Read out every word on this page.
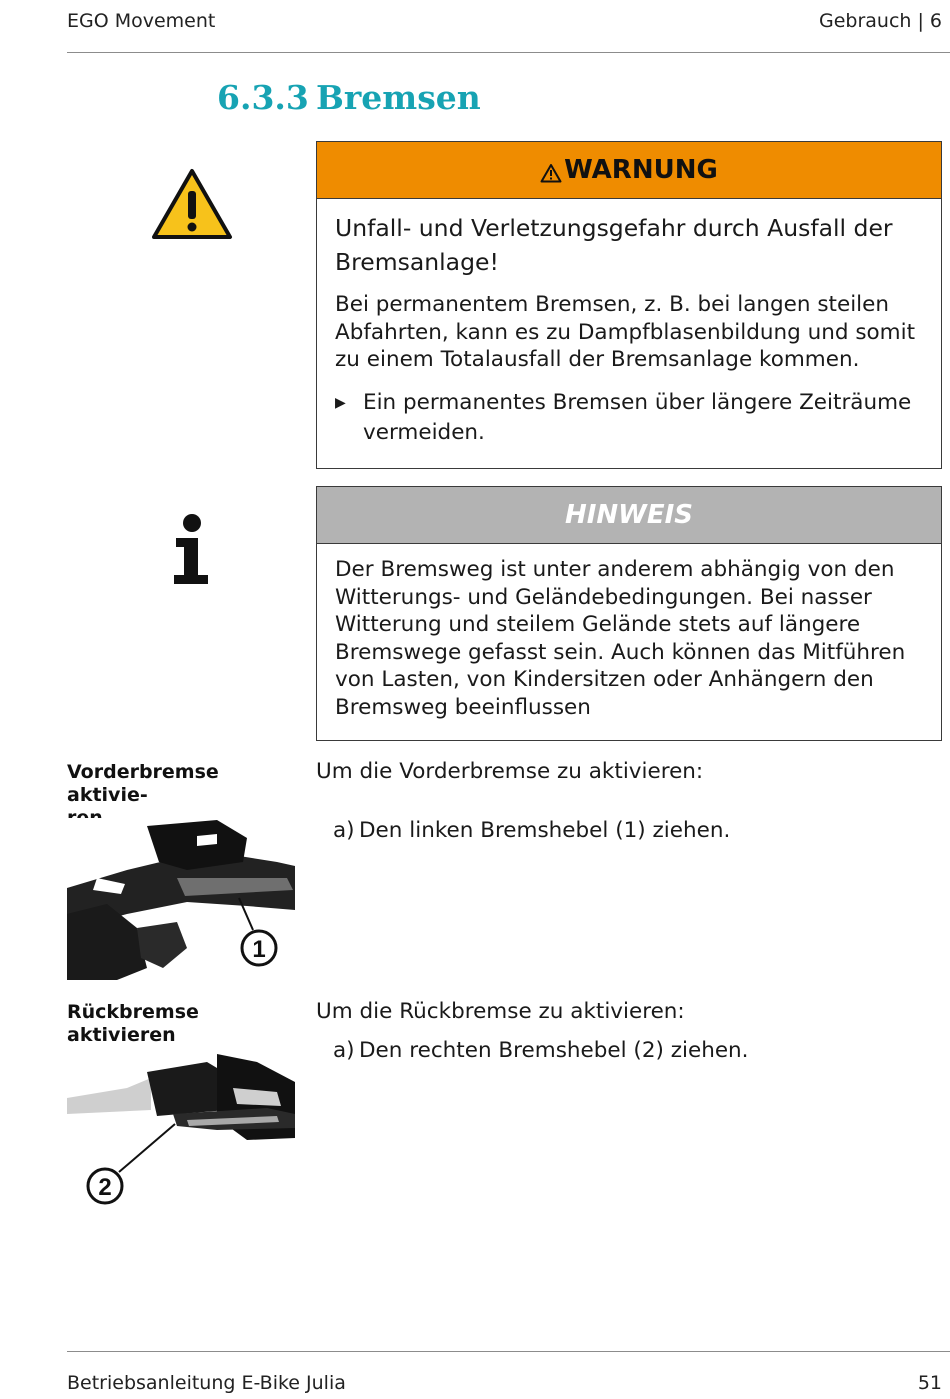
EGO Movement	Gebrauch | 6
6.3.3 Bremsen
WARNUNG

Unfall- und Verletzungsgefahr durch Ausfall der Bremsanlage!

Bei permanentem Bremsen, z. B. bei langen steilen Abfahrten, kann es zu Dampfblasenbildung und somit zu einem Totalausfall der Bremsanlage kommen.

▶ Ein permanentes Bremsen über längere Zeiträume vermeiden.
HINWEIS
Der Bremsweg ist unter anderem abhängig von den Witterungs- und Geländebedingungen. Bei nasser Witterung und steilem Gelände stets auf längere Bremswege gefasst sein. Auch können das Mitführen von Lasten, von Kindersitzen oder Anhängern den Bremsweg beeinflussen
Vorderbremse aktivie-

Um die Vorderbremse zu aktivieren:
a) Den linken Bremshebel (1) ziehen.
1
Rückbremse aktivieren
Um die Rückbremse zu aktivieren:
a) Den rechten Bremshebel (2) ziehen.
2
Betriebsanleitung E-Bike Julia	51
